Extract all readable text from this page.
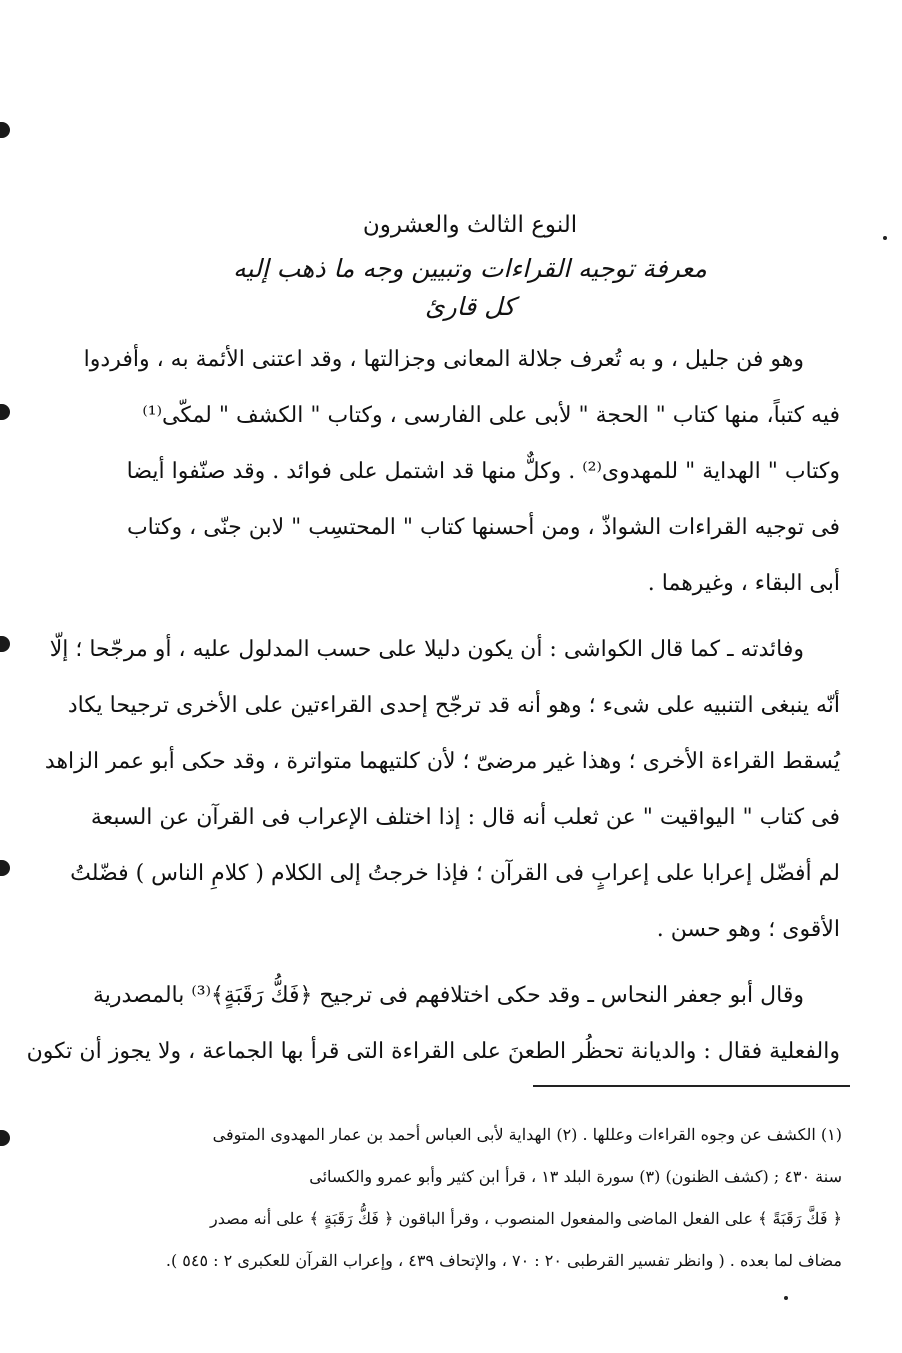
النوع الثالث والعشرون
معرفة توجيه القراءات وتبيين وجه ما ذهب إليه كل قارئ
وهو فن جليل ، و به تُعرف جلالة المعانى وجزالتها ، وقد اعتنى الأئمة به ، وأفردوا
فيه كتباً، منها كتاب " الحجة " لأبى على الفارسى ، وكتاب " الكشف " لمكّى⁽¹⁾
وكتاب " الهداية " للمهدوى⁽²⁾ . وكلٌّ منها قد اشتمل على فوائد . وقد صنّفوا أيضا
فى توجيه القراءات الشواذّ ، ومن أحسنها كتاب " المحتسِب " لابن جنّى ، وكتاب
أبى البقاء ، وغيرهما .
وفائدته ـ كما قال الكواشى : أن يكون دليلا على حسب المدلول عليه ، أو مرجّحا ؛ إلّا
أنّه ينبغى التنبيه على شىء ؛ وهو أنه قد ترجّح إحدى القراءتين على الأخرى ترجيحا يكاد
يُسقط القراءة الأخرى ؛ وهذا غير مرضىّ ؛ لأن كلتيهما متواترة ، وقد حكى أبو عمر الزاهد
فى كتاب " اليواقيت " عن ثعلب أنه قال : إذا اختلف الإعراب فى القرآن عن السبعة
لم أفضّل إعرابا على إعرابٍ فى القرآن ؛ فإذا خرجتُ إلى الكلام ( كلامِ الناس ) فضّلتُ
الأقوى ؛ وهو حسن .
وقال أبو جعفر النحاس ـ وقد حكى اختلافهم فى ترجيح ﴿فَكُّ رَقَبَةٍ﴾⁽³⁾ بالمصدرية
والفعلية فقال : والديانة تحظُر الطعنَ على القراءة التى قرأ بها الجماعة ، ولا يجوز أن تكون
(١) الكشف عن وجوه القراءات وعللها . (٢) الهداية لأبى العباس أحمد بن عمار المهدوى المتوفى
سنة ٤٣٠ ; (كشف الظنون) (٣) سورة البلد ١٣ ، قرأ ابن كثير وأبو عمرو والكسائى
﴿ فَكَّ رَقَبَةً ﴾ على الفعل الماضى والمفعول المنصوب ، وقرأ الباقون ﴿ فَكُّ رَقَبَةٍ ﴾ على أنه مصدر
مضاف لما بعده . ( وانظر تفسير القرطبى ٢٠ : ٧٠ ، والإتحاف ٤٣٩ ، وإعراب القرآن للعكبرى ٢ : ٥٤٥ ).
